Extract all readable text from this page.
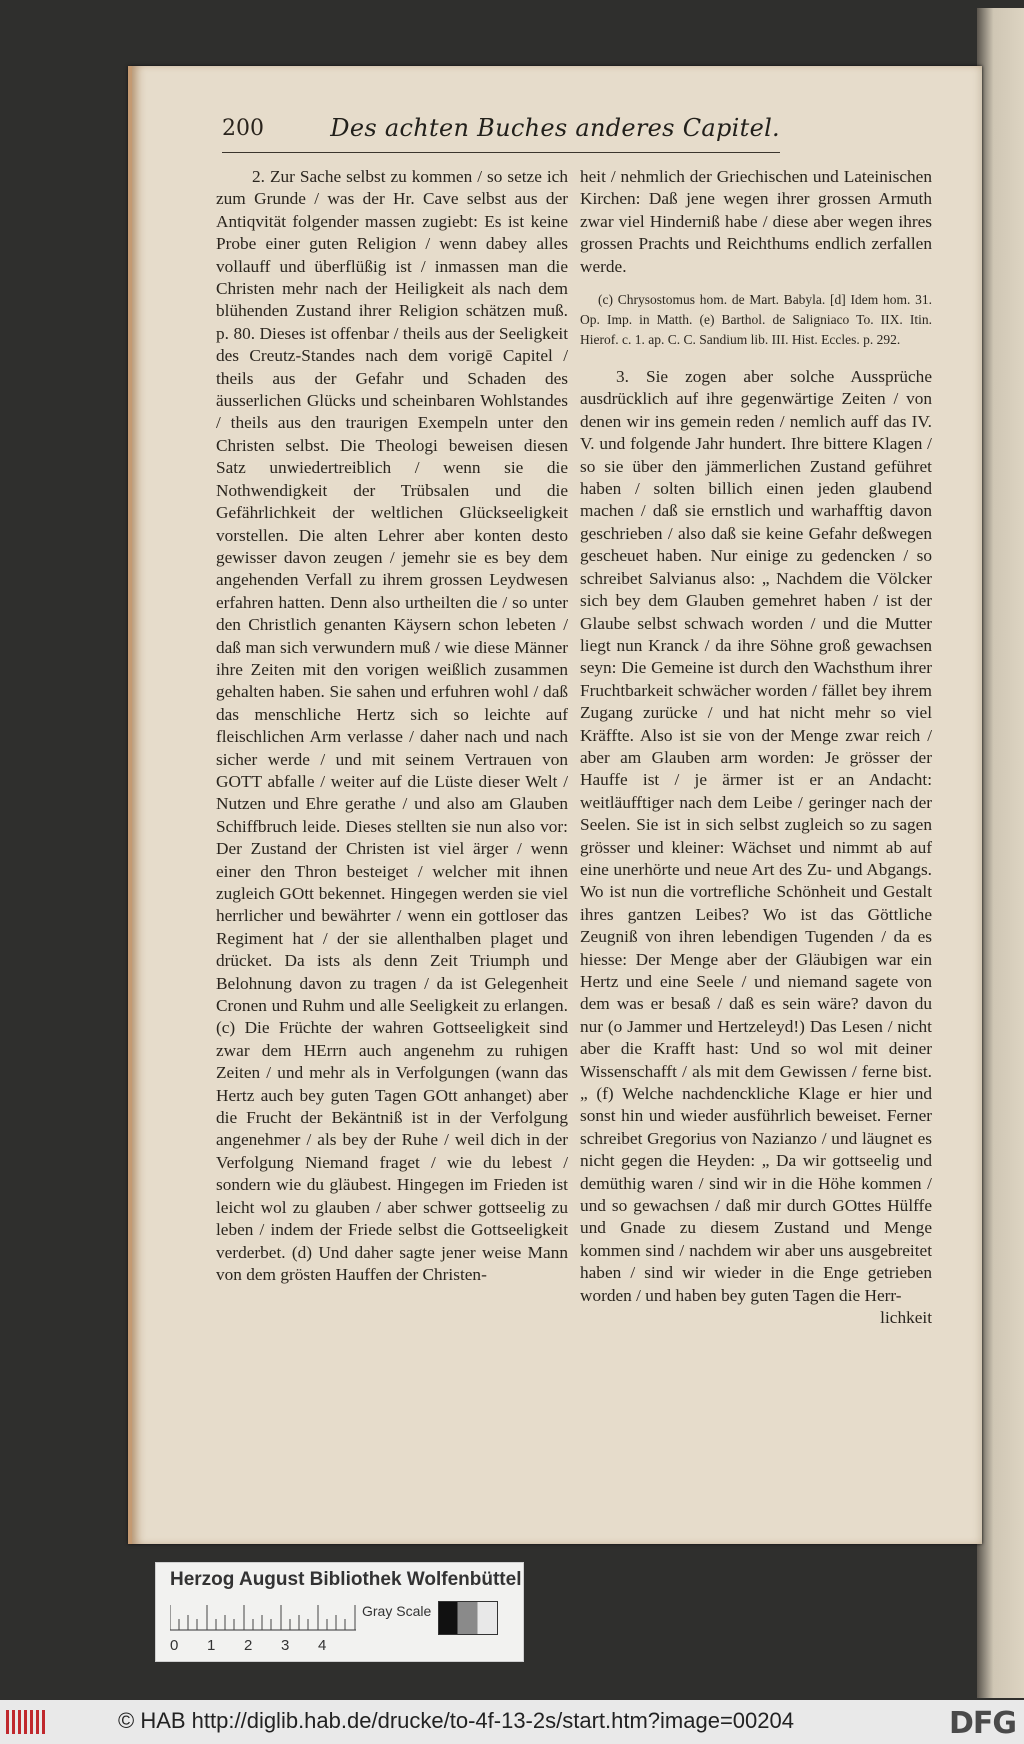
200	Des achten Buches anderes Capitel.

2. Zur Sache selbst zu kommen / so setze ich zum Grunde / was der Hr. Cave selbst aus der Antiqvität folgender massen zugiebt: Es ist keine Probe einer guten Religion / wenn dabey alles vollauff und überflüßig ist / inmassen man die Christen mehr nach der Heiligkeit als nach dem blühenden Zustand ihrer Religion schätzen muß. p. 80. Dieses ist offenbar / theils aus der Seeligkeit des Creutz-Standes nach dem vorigē Capitel / theils aus der Gefahr und Schaden des äusserlichen Glücks und scheinbaren Wohlstandes / theils aus den traurigen Exempeln unter den Christen selbst. Die Theologi beweisen diesen Satz unwiedertreiblich / wenn sie die Nothwendigkeit der Trübsalen und die Gefährlichkeit der weltlichen Glückseeligkeit vorstellen. Die alten Lehrer aber konten desto gewisser davon zeugen / jemehr sie es bey dem angehenden Verfall zu ihrem grossen Leydwesen erfahren hatten. Denn also urtheilten die / so unter den Christlich genanten Käysern schon lebeten / daß man sich verwundern muß / wie diese Männer ihre Zeiten mit den vorigen weißlich zusammen gehalten haben. Sie sahen und erfuhren wohl / daß das menschliche Hertz sich so leichte auf fleischlichen Arm verlasse / daher nach und nach sicher werde / und mit seinem Vertrauen von GOTT abfalle / weiter auf die Lüste dieser Welt / Nutzen und Ehre gerathe / und also am Glauben Schiffbruch leide. Dieses stellten sie nun also vor: Der Zustand der Christen ist viel ärger / wenn einer den Thron besteiget / welcher mit ihnen zugleich GOtt bekennet. Hingegen werden sie viel herrlicher und bewährter / wenn ein gottloser das Regiment hat / der sie allenthalben plaget und drücket. Da ists als denn Zeit Triumph und Belohnung davon zu tragen / da ist Gelegenheit Cronen und Ruhm und alle Seeligkeit zu erlangen. (c) Die Früchte der wahren Gottseeligkeit sind zwar dem HErrn auch angenehm zu ruhigen Zeiten / und mehr als in Verfolgungen (wann das Hertz auch bey guten Tagen GOtt anhanget) aber die Frucht der Bekäntniß ist in der Verfolgung angenehmer / als bey der Ruhe / weil dich in der Verfolgung Niemand fraget / wie du lebest / sondern wie du gläubest. Hingegen im Frieden ist leicht wol zu glauben / aber schwer gottseelig zu leben / indem der Friede selbst die Gottseeligkeit verderbet. (d) Und daher sagte jener weise Mann von dem grösten Hauffen der Christen-

heit / nehmlich der Griechischen und Lateinischen Kirchen: Daß jene wegen ihrer grossen Armuth zwar viel Hinderniß habe / diese aber wegen ihres grossen Prachts und Reichthums endlich zerfallen werde.

(c) Chrysostomus hom. de Mart. Babyla. [d] Idem hom. 31. Op. Imp. in Matth. (e) Barthol. de Saligniaco To. IIX. Itin. Hierof. c. 1. ap. C. C. Sandium lib. III. Hist. Eccles. p. 292.

3. Sie zogen aber solche Aussprüche ausdrücklich auf ihre gegenwärtige Zeiten / von denen wir ins gemein reden / nemlich auff das IV. V. und folgende Jahr hundert. Ihre bittere Klagen / so sie über den jämmerlichen Zustand geführet haben / solten billich einen jeden glaubend machen / daß sie ernstlich und warhafftig davon geschrieben / also daß sie keine Gefahr deßwegen gescheuet haben. Nur einige zu gedencken / so schreibet Salvianus also: „ Nachdem die Völcker sich bey dem Glauben gemehret haben / ist der Glaube selbst schwach worden / und die Mutter liegt nun Kranck / da ihre Söhne groß gewachsen seyn: Die Gemeine ist durch den Wachsthum ihrer Fruchtbarkeit schwächer worden / fället bey ihrem Zugang zurücke / und hat nicht mehr so viel Kräffte. Also ist sie von der Menge zwar reich / aber am Glauben arm worden: Je grösser der Hauffe ist / je ärmer ist er an Andacht: weitläufftiger nach dem Leibe / geringer nach der Seelen. Sie ist in sich selbst zugleich so zu sagen grösser und kleiner: Wächset und nimmt ab auf eine unerhörte und neue Art des Zu- und Abgangs. Wo ist nun die vortrefliche Schönheit und Gestalt ihres gantzen Leibes? Wo ist das Göttliche Zeugniß von ihren lebendigen Tugenden / da es hiesse: Der Menge aber der Gläubigen war ein Hertz und eine Seele / und niemand sagete von dem was er besaß / daß es sein wäre? davon du nur (o Jammer und Hertzeleyd!) Das Lesen / nicht aber die Krafft hast: Und so wol mit deiner Wissenschafft / als mit dem Gewissen / ferne bist. „ (f) Welche nachdenckliche Klage er hier und sonst hin und wieder ausführlich beweiset. Ferner schreibet Gregorius von Nazianzo / und läugnet es nicht gegen die Heyden: „ Da wir gottseelig und demüthig waren / sind wir in die Höhe kommen / und so gewachsen / daß mir durch GOttes Hülffe und Gnade zu diesem Zustand und Menge kommen sind / nachdem wir aber uns ausgebreitet haben / sind wir wieder in die Enge getrieben worden / und haben bey guten Tagen die Herr-

lichkeit

Herzog August Bibliothek Wolfenbüttel
Gray Scale
0 1 2 3 4
© HAB http://diglib.hab.de/drucke/to-4f-13-2s/start.htm?image=00204	DFG
